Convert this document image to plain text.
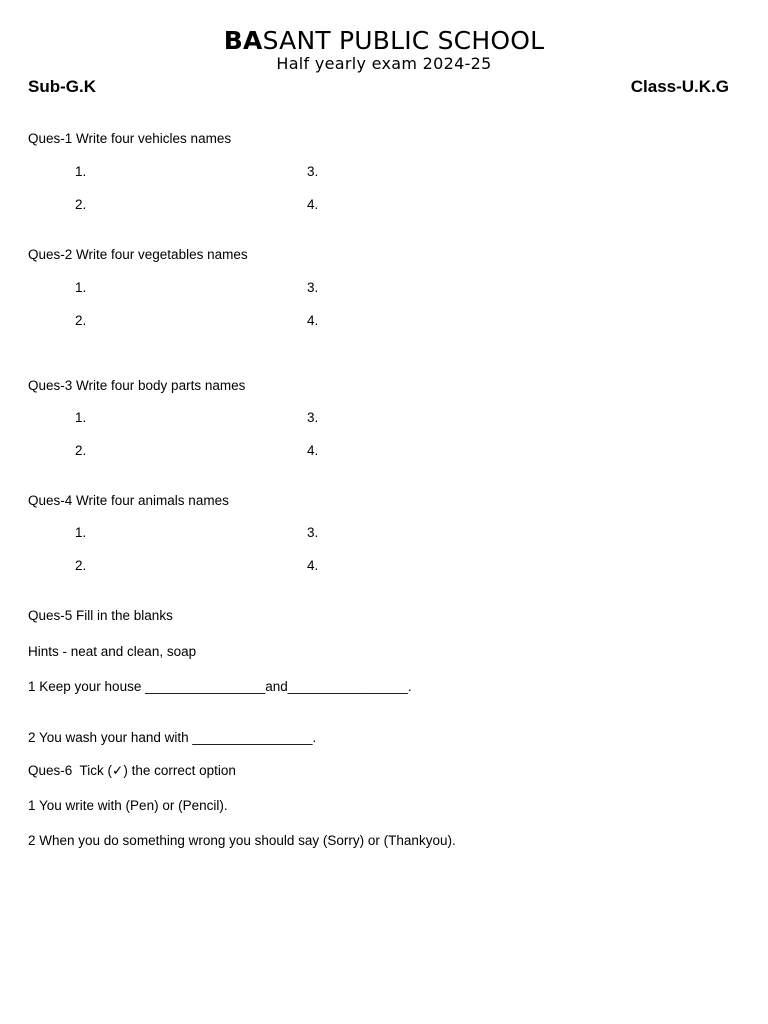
BASANT PUBLIC SCHOOL
Half yearly exam 2024-25
Sub-G.K	Class-U.K.G
Ques-1 Write four vehicles names
1.
2.
3.
4.
Ques-2 Write four vegetables names
1.
2.
3.
4.
Ques-3 Write four body parts names
1.
2.
3.
4.
Ques-4 Write four animals names
1.
2.
3.
4.
Ques-5 Fill in the blanks
Hints - neat and clean, soap
1 Keep your house ________________and________________.
2 You wash your hand with ________________.
Ques-6  Tick (✓) the correct option
1 You write with (Pen) or (Pencil).
2 When you do something wrong you should say (Sorry) or (Thankyou).
